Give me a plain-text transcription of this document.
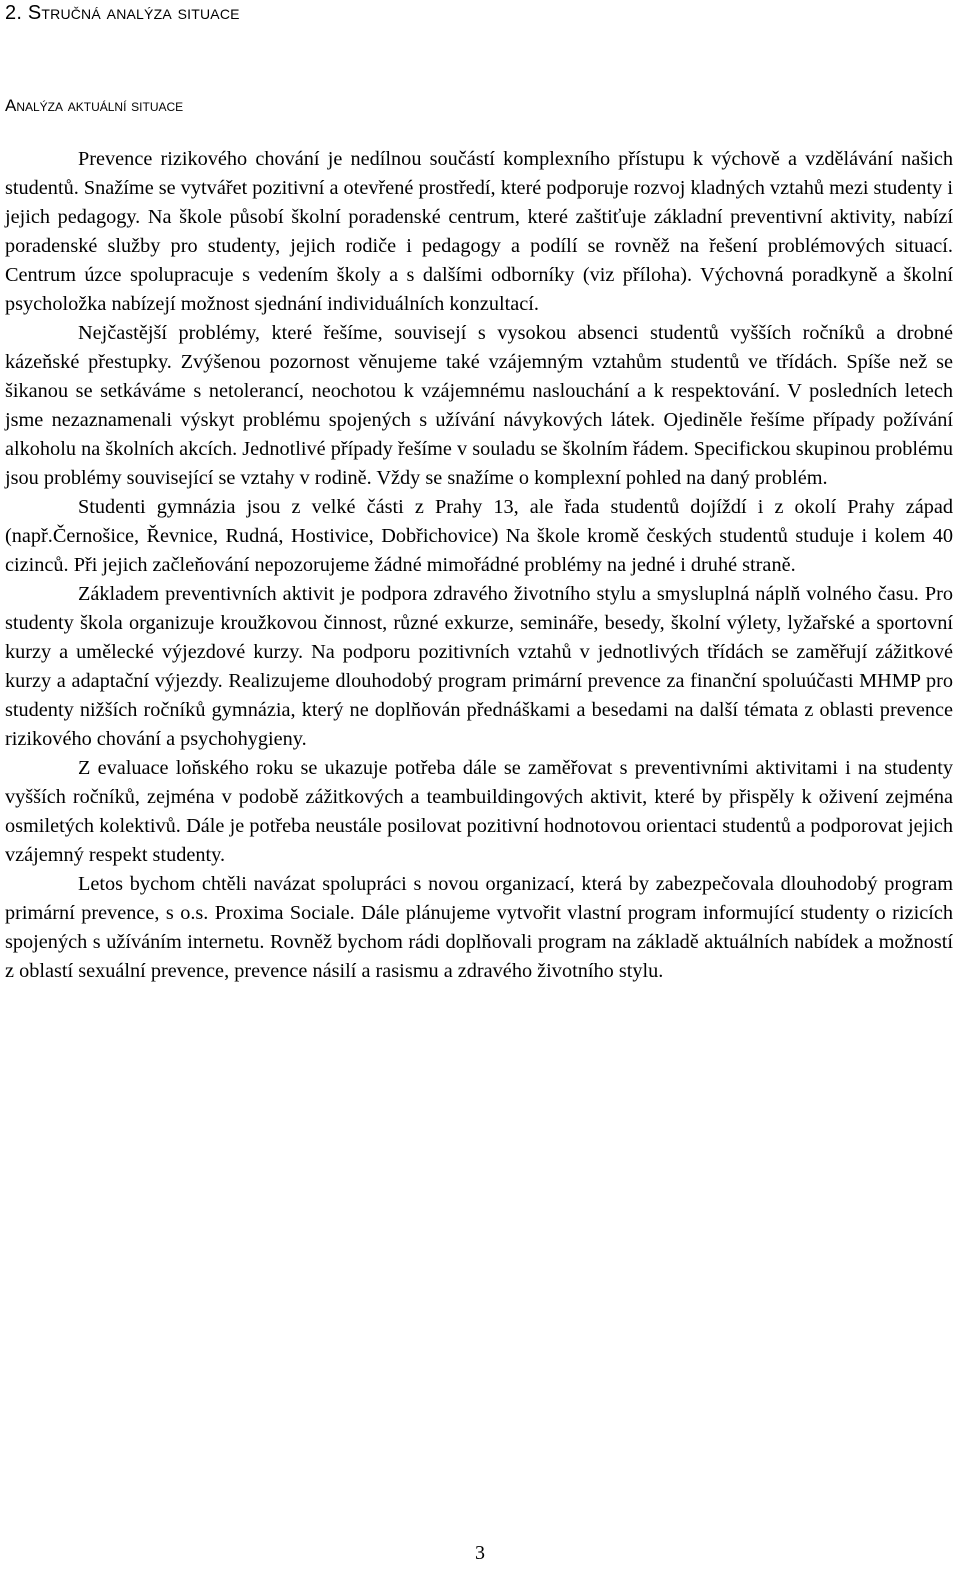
2. Stručná analýza situace
Analýza aktuální situace

Prevence rizikového chování je nedílnou součástí komplexního přístupu k výchově a vzdělávání našich studentů. Snažíme se vytvářet pozitivní a otevřené prostředí, které podporuje rozvoj kladných vztahů mezi studenty i jejich pedagogy. Na škole působí školní poradenské centrum, které zaštiťuje základní preventivní aktivity, nabízí poradenské služby pro studenty, jejich rodiče i pedagogy a podílí se rovněž na řešení problémových situací. Centrum úzce spolupracuje s vedením školy a s dalšími odborníky (viz příloha). Výchovná poradkyně a školní psycholožka nabízejí možnost sjednání individuálních konzultací.

Nejčastější problémy, které řešíme, souvisejí s vysokou absenci studentů vyšších ročníků a drobné kázeňské přestupky. Zvýšenou pozornost věnujeme také vzájemným vztahům studentů ve třídách. Spíše než se šikanou se setkáváme s netolerancí, neochotou k vzájemnému naslouchání a k respektování. V posledních letech jsme nezaznamenali výskyt problému spojených s užívání návykových látek. Ojediněle řešíme případy požívání alkoholu na školních akcích. Jednotlivé případy řešíme v souladu se školním řádem. Specifickou skupinou problému jsou problémy související se vztahy v rodině. Vždy se snažíme o komplexní pohled na daný problém.

Studenti gymnázia jsou z velké části z Prahy 13, ale řada studentů dojíždí i z okolí Prahy západ (např.Černošice, Řevnice, Rudná, Hostivice, Dobřichovice) Na škole kromě českých studentů studuje i kolem 40 cizinců. Při jejich začleňování nepozorujeme žádné mimořádné problémy na jedné i druhé straně.

Základem preventivních aktivit je podpora zdravého životního stylu a smysluplná náplň volného času. Pro studenty škola organizuje kroužkovou činnost, různé exkurze, semináře, besedy, školní výlety, lyžařské a sportovní kurzy a umělecké výjezdové kurzy. Na podporu pozitivních vztahů v jednotlivých třídách se zaměřují zážitkové kurzy a adaptační výjezdy. Realizujeme dlouhodobý program primární prevence za finanční spoluúčasti MHMP pro studenty nižších ročníků gymnázia, který ne doplňován přednáškami a besedami na další témata z oblasti prevence rizikového chování a psychohygieny.

Z evaluace loňského roku se ukazuje potřeba dále se zaměřovat s preventivními aktivitami i na studenty vyšších ročníků, zejména v podobě zážitkových a teambuildingových aktivit, které by přispěly k oživení zejména osmiletých kolektivů. Dále je potřeba neustále posilovat pozitivní hodnotovou orientaci studentů a podporovat jejich vzájemný respekt studenty.

Letos bychom chtěli navázat spolupráci s novou organizací, která by zabezpečovala dlouhodobý program primární prevence, s o.s. Proxima Sociale. Dále plánujeme vytvořit vlastní program informující studenty o rizicích spojených s užíváním internetu. Rovněž bychom rádi doplňovali program na základě aktuálních nabídek a možností z oblastí sexuální prevence, prevence násilí a rasismu a zdravého životního stylu.

3
